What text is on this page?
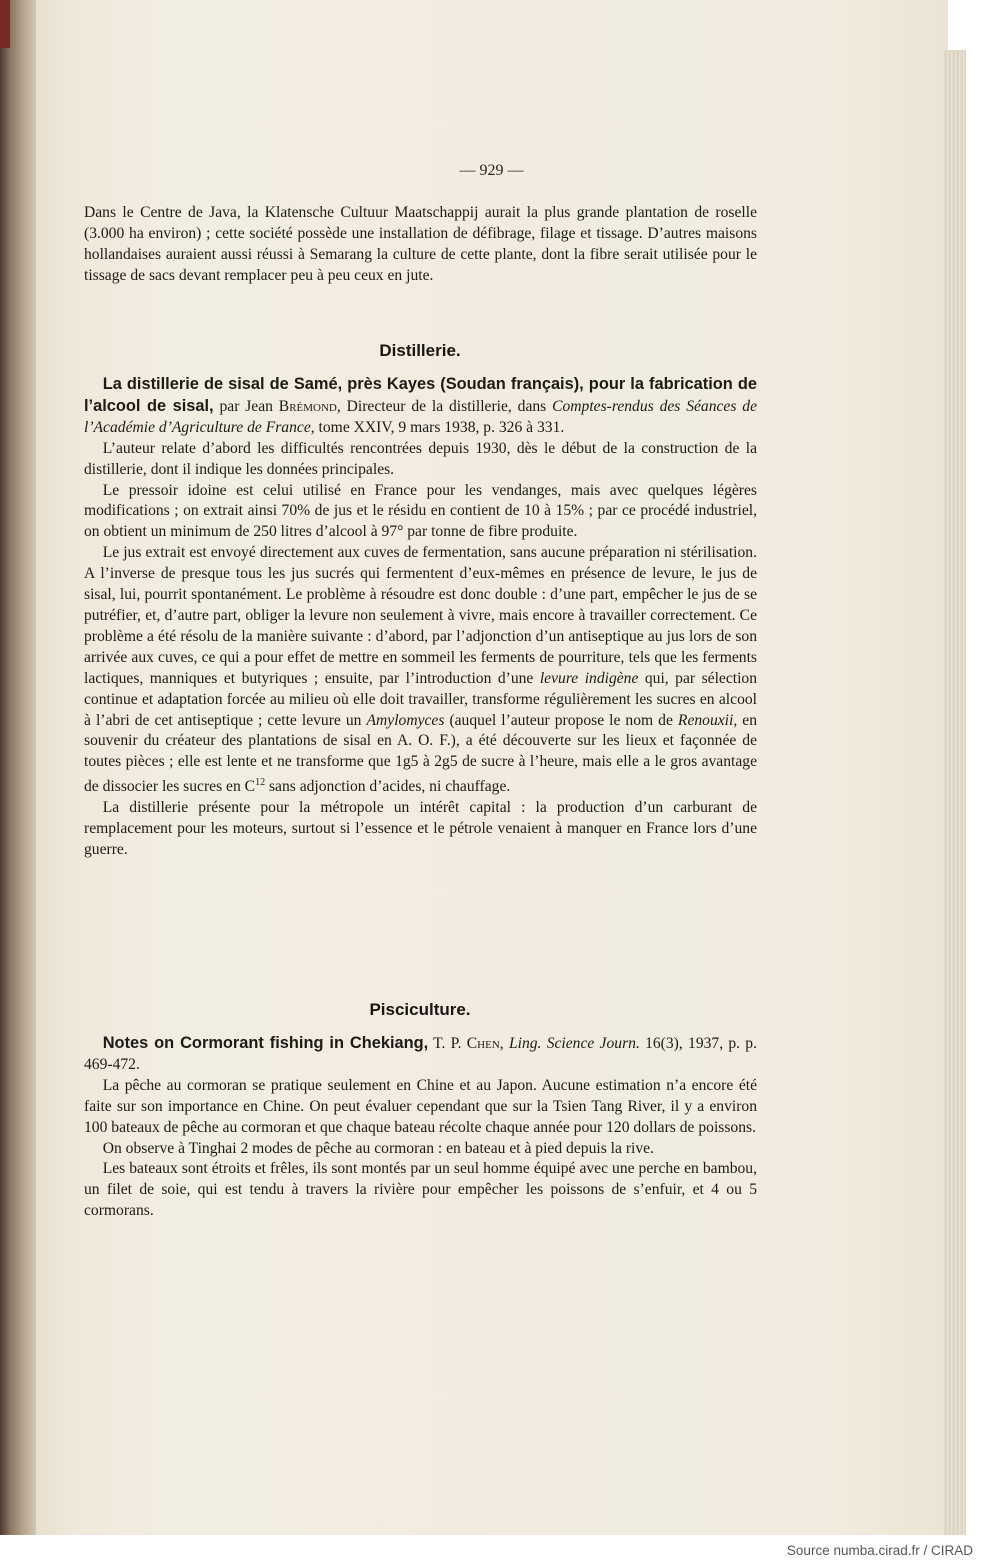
— 929 —

Dans le Centre de Java, la Klatensche Cultuur Maatschappij aurait la plus grande plantation de roselle (3.000 ha environ) ; cette société possède une installation de défibrage, filage et tissage. D’autres maisons hollandaises auraient aussi réussi à Semarang la culture de cette plante, dont la fibre serait utilisée pour le tissage de sacs devant remplacer peu à peu ceux en jute.

Distillerie.

La distillerie de sisal de Samé, près Kayes (Soudan français), pour la fabrication de l’alcool de sisal, par Jean Brémond, Directeur de la distillerie, dans Comptes-rendus des Séances de l’Académie d’Agriculture de France, tome XXIV, 9 mars 1938, p. 326 à 331.

L’auteur relate d’abord les difficultés rencontrées depuis 1930, dès le début de la construction de la distillerie, dont il indique les données principales.

Le pressoir idoine est celui utilisé en France pour les vendanges, mais avec quelques légères modifications ; on extrait ainsi 70% de jus et le résidu en contient de 10 à 15% ; par ce procédé industriel, on obtient un minimum de 250 litres d’alcool à 97° par tonne de fibre produite.

Le jus extrait est envoyé directement aux cuves de fermentation, sans aucune préparation ni stérilisation. A l’inverse de presque tous les jus sucrés qui fermentent d’eux-mêmes en présence de levure, le jus de sisal, lui, pourrit spontanément. Le problème à résoudre est donc double : d’une part, empêcher le jus de se putréfier, et, d’autre part, obliger la levure non seulement à vivre, mais encore à travailler correctement. Ce problème a été résolu de la manière suivante : d’abord, par l’adjonction d’un antiseptique au jus lors de son arrivée aux cuves, ce qui a pour effet de mettre en sommeil les ferments de pourriture, tels que les ferments lactiques, manniques et butyriques ; ensuite, par l’introduction d’une levure indigène qui, par sélection continue et adaptation forcée au milieu où elle doit travailler, transforme régulièrement les sucres en alcool à l’abri de cet antiseptique ; cette levure un Amylomyces (auquel l’auteur propose le nom de Renouxii, en souvenir du créateur des plantations de sisal en A. O. F.), a été découverte sur les lieux et façonnée de toutes pièces ; elle est lente et ne transforme que 1g5 à 2g5 de sucre à l’heure, mais elle a le gros avantage de dissocier les sucres en $C^{12}$ sans adjonction d’acides, ni chauffage.

La distillerie présente pour la métropole un intérêt capital : la production d’un carburant de remplacement pour les moteurs, surtout si l’essence et le pétrole venaient à manquer en France lors d’une guerre.

Pisciculture.

Notes on Cormorant fishing in Chekiang, T. P. Chen, Ling. Science Journ. 16(3), 1937, p. p. 469-472.

La pêche au cormoran se pratique seulement en Chine et au Japon. Aucune estimation n’a encore été faite sur son importance en Chine. On peut évaluer cependant que sur la Tsien Tang River, il y a environ 100 bateaux de pêche au cormoran et que chaque bateau récolte chaque année pour 120 dollars de poissons.

On observe à Tinghai 2 modes de pêche au cormoran : en bateau et à pied depuis la rive.

Les bateaux sont étroits et frêles, ils sont montés par un seul homme équipé avec une perche en bambou, un filet de soie, qui est tendu à travers la rivière pour empêcher les poissons de s’enfuir, et 4 ou 5 cormorans.

Source numba.cirad.fr / CIRAD
